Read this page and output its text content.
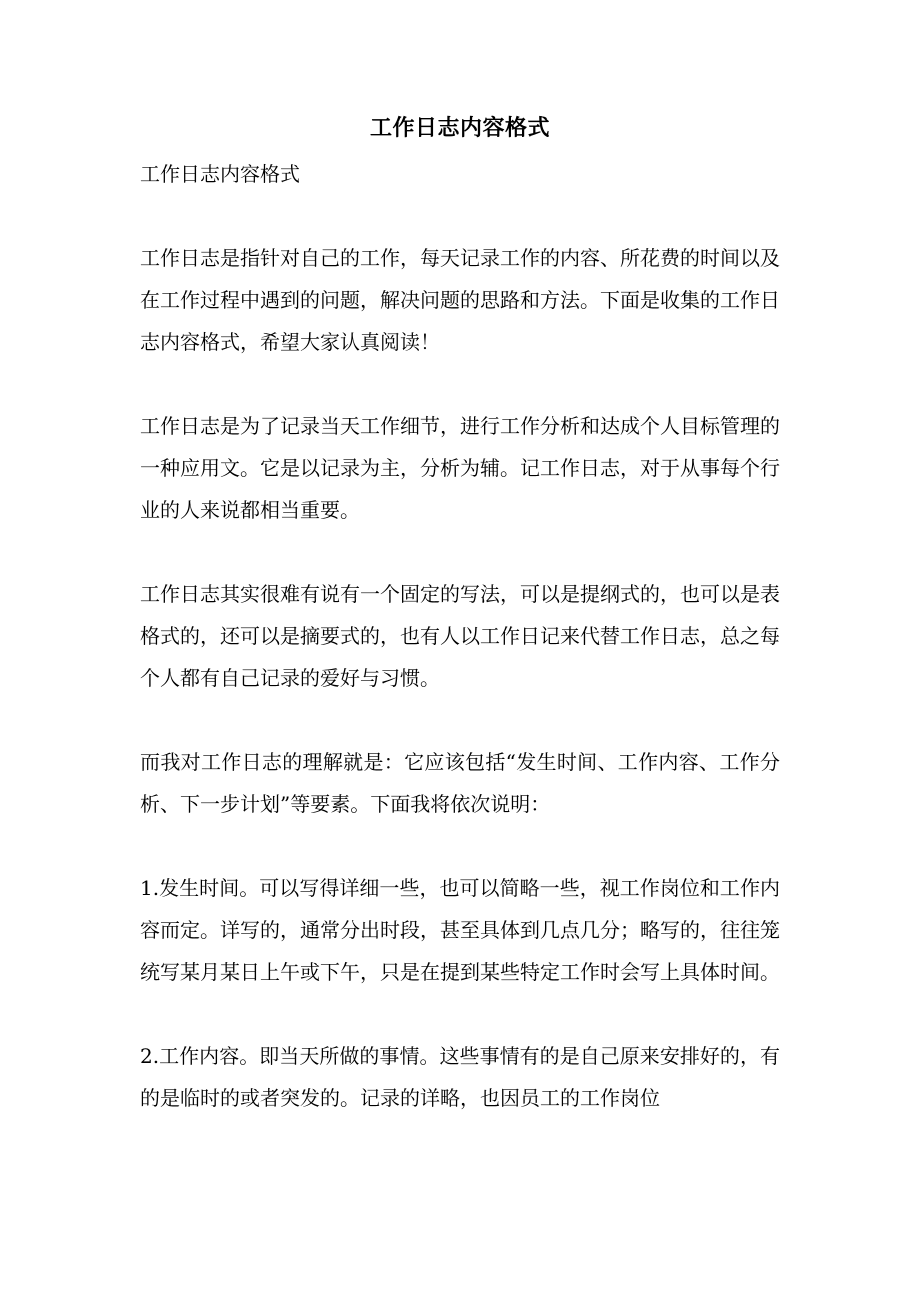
工作日志内容格式

工作日志内容格式

工作日志是指针对自己的工作，每天记录工作的内容、所花费的时间以及在工作过程中遇到的问题，解决问题的思路和方法。下面是收集的工作日志内容格式，希望大家认真阅读！

工作日志是为了记录当天工作细节，进行工作分析和达成个人目标管理的一种应用文。它是以记录为主，分析为辅。记工作日志，对于从事每个行业的人来说都相当重要。

工作日志其实很难有说有一个固定的写法，可以是提纲式的，也可以是表格式的，还可以是摘要式的，也有人以工作日记来代替工作日志，总之每个人都有自己记录的爱好与习惯。

而我对工作日志的理解就是：它应该包括“发生时间、工作内容、工作分析、下一步计划”等要素。下面我将依次说明：

1.发生时间。可以写得详细一些，也可以简略一些，视工作岗位和工作内容而定。详写的，通常分出时段，甚至具体到几点几分；略写的，往往笼统写某月某日上午或下午，只是在提到某些特定工作时会写上具体时间。

2.工作内容。即当天所做的事情。这些事情有的是自己原来安排好的，有的是临时的或者突发的。记录的详略，也因员工的工作岗位
